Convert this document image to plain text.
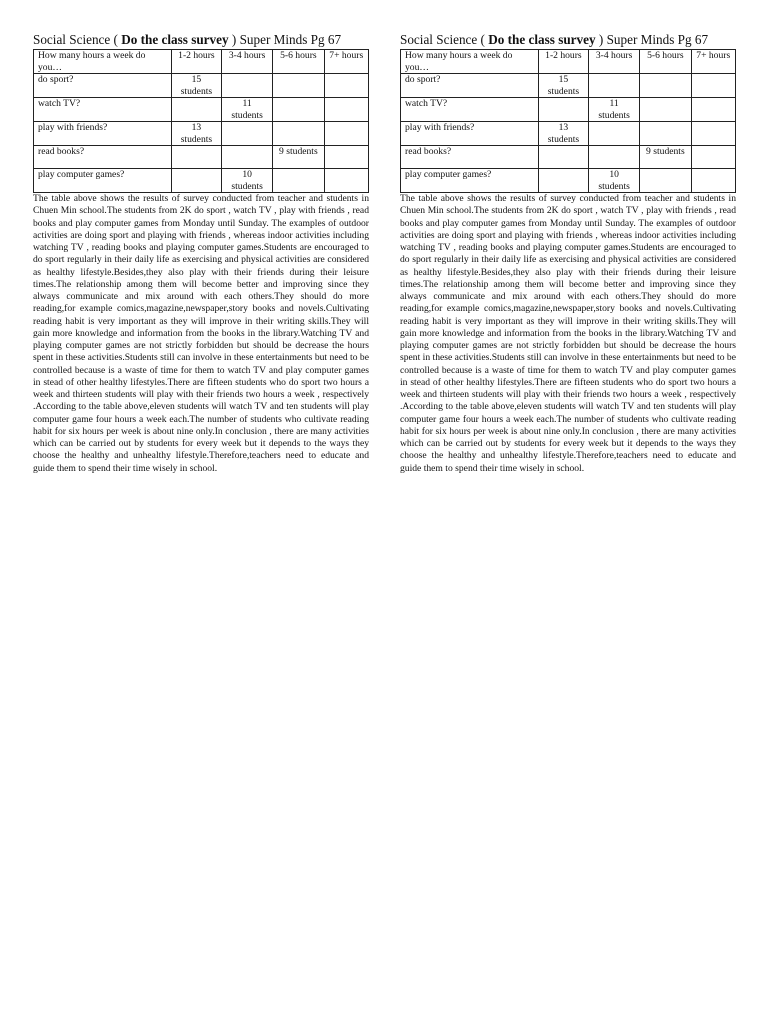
Social Science ( Do the class survey ) Super Minds Pg 67
How many hours a week do you…	1-2 hours	3-4 hours	5-6 hours	7+ hours
do sport?	15 students			
watch TV?		11 students		
play with friends?	13 students			
read books?			9 students	
play computer games?		10 students		

The table above shows the results of survey conducted from teacher and students in Chuen Min school.The students from 2K do sport , watch TV , play with friends , read books and play computer games from Monday until Sunday. The examples of outdoor activities are doing sport and playing with friends , whereas indoor activities including watching TV , reading books and playing computer games.Students are encouraged to do sport regularly in their daily life as exercising and physical activities are considered as healthy lifestyle.Besides,they also play with their friends during their leisure times.The relationship among them will become better and improving since they always communicate and mix around with each others.They should do more reading,for example comics,magazine,newspaper,story books and novels.Cultivating reading habit is very important as they will improve in their writing skills.They will gain more knowledge and information from the books in the library.Watching TV and playing computer games are not strictly forbidden but should be decrease the hours spent in these activities.Students still can involve in these entertainments but need to be controlled because is a waste of time for them to watch TV and play computer games in stead of other healthy lifestyles.There are fifteen students who do sport two hours a week and thirteen students will play with their friends two hours a week , respectively .According to the table above,eleven students will watch TV and ten students will play computer game four hours a week each.The number of students who cultivate reading habit for six hours per week is about nine only.In conclusion , there are many activities which can be carried out by students for every week but it depends to the ways they choose the healthy and unhealthy lifestyle.Therefore,teachers need to educate and guide them to spend their time wisely in school.

Social Science ( Do the class survey ) Super Minds Pg 67
How many hours a week do you…	1-2 hours	3-4 hours	5-6 hours	7+ hours
do sport?	15 students			
watch TV?		11 students		
play with friends?	13 students			
read books?			9 students	
play computer games?		10 students		

The table above shows the results of survey conducted from teacher and students in Chuen Min school.The students from 2K do sport , watch TV , play with friends , read books and play computer games from Monday until Sunday. The examples of outdoor activities are doing sport and playing with friends , whereas indoor activities including watching TV , reading books and playing computer games.Students are encouraged to do sport regularly in their daily life as exercising and physical activities are considered as healthy lifestyle.Besides,they also play with their friends during their leisure times.The relationship among them will become better and improving since they always communicate and mix around with each others.They should do more reading,for example comics,magazine,newspaper,story books and novels.Cultivating reading habit is very important as they will improve in their writing skills.They will gain more knowledge and information from the books in the library.Watching TV and playing computer games are not strictly forbidden but should be decrease the hours spent in these activities.Students still can involve in these entertainments but need to be controlled because is a waste of time for them to watch TV and play computer games in stead of other healthy lifestyles.There are fifteen students who do sport two hours a week and thirteen students will play with their friends two hours a week , respectively .According to the table above,eleven students will watch TV and ten students will play computer game four hours a week each.The number of students who cultivate reading habit for six hours per week is about nine only.In conclusion , there are many activities which can be carried out by students for every week but it depends to the ways they choose the healthy and unhealthy lifestyle.Therefore,teachers need to educate and guide them to spend their time wisely in school.
